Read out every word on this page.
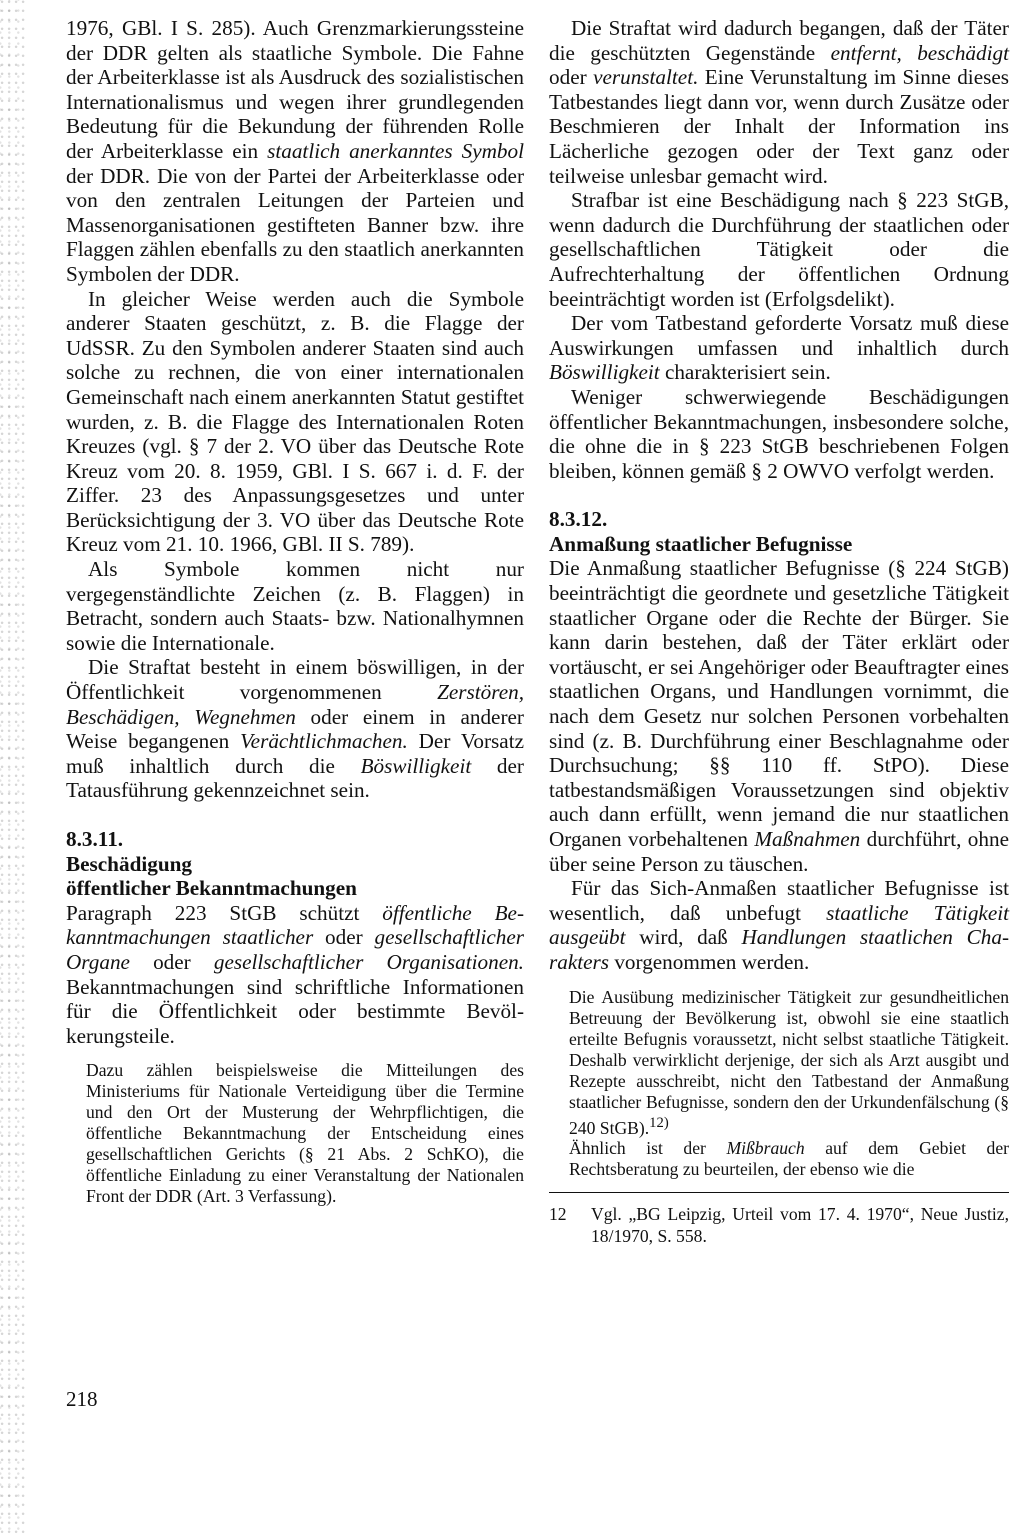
1976, GBl. I S. 285). Auch Grenzmarkierungssteine der DDR gelten als staatliche Symbole. Die Fahne der Arbeiterklasse ist als Ausdruck des sozialistischen Internationalismus und wegen ihrer grundlegenden Bedeutung für die Bekundung der führenden Rolle der Arbeiterklasse ein staatlich anerkanntes Symbol der DDR. Die von der Partei der Arbeiterklasse oder von den zentralen Leitungen der Parteien und Massenorganisationen gestifteten Banner bzw. ihre Flaggen zählen ebenfalls zu den staatlich anerkannten Symbolen der DDR.

In gleicher Weise werden auch die Symbole anderer Staaten geschützt, z. B. die Flagge der UdSSR. Zu den Symbolen anderer Staaten sind auch solche zu rechnen, die von einer internationalen Gemeinschaft nach einem anerkannten Statut gestiftet wurden, z. B. die Flagge des Internationalen Roten Kreuzes (vgl. § 7 der 2. VO über das Deutsche Rote Kreuz vom 20. 8. 1959, GBl. I S. 667 i. d. F. der Ziffer. 23 des Anpassungsgesetzes und unter Berücksichtigung der 3. VO über das Deutsche Rote Kreuz vom 21. 10. 1966, GBl. II S. 789).

Als Symbole kommen nicht nur vergegenständlichte Zeichen (z. B. Flaggen) in Betracht, sondern auch Staats- bzw. Nationalhymnen sowie die Internationale.

Die Straftat besteht in einem böswilligen, in der Öffentlichkeit vorgenommenen Zerstören, Beschädigen, Wegnehmen oder einem in anderer Weise begangenen Verächtlichmachen. Der Vorsatz muß inhaltlich durch die Böswilligkeit der Tatausführung gekennzeichnet sein.

8.3.11.
Beschädigung
öffentlicher Bekanntmachungen

Paragraph 223 StGB schützt öffentliche Bekanntmachungen staatlicher oder gesellschaftlicher Organe oder gesellschaftlicher Organisationen. Bekanntmachungen sind schriftliche Informationen für die Öffentlichkeit oder bestimmte Bevölkerungsteile.

Dazu zählen beispielsweise die Mitteilungen des Ministeriums für Nationale Verteidigung über die Termine und den Ort der Musterung der Wehrpflichtigen, die öffentliche Bekanntmachung der Entscheidung eines gesellschaftlichen Gerichts (§ 21 Abs. 2 SchKO), die öffentliche Einladung zu einer Veranstaltung der Nationalen Front der DDR (Art. 3 Verfassung).

Die Straftat wird dadurch begangen, daß der Täter die geschützten Gegenstände entfernt, beschädigt oder verunstaltet. Eine Verunstaltung im Sinne dieses Tatbestandes liegt dann vor, wenn durch Zusätze oder Beschmieren der Inhalt der Information ins Lächerliche gezogen oder der Text ganz oder teilweise unlesbar gemacht wird.

Strafbar ist eine Beschädigung nach § 223 StGB, wenn dadurch die Durchführung der staatlichen oder gesellschaftlichen Tätigkeit oder die Aufrechterhaltung der öffentlichen Ordnung beeinträchtigt worden ist (Erfolgsdelikt).

Der vom Tatbestand geforderte Vorsatz muß diese Auswirkungen umfassen und inhaltlich durch Böswilligkeit charakterisiert sein.

Weniger schwerwiegende Beschädigungen öffentlicher Bekanntmachungen, insbesondere solche, die ohne die in § 223 StGB beschriebenen Folgen bleiben, können gemäß § 2 OWVO verfolgt werden.

8.3.12.
Anmaßung staatlicher Befugnisse

Die Anmaßung staatlicher Befugnisse (§ 224 StGB) beeinträchtigt die geordnete und gesetzliche Tätigkeit staatlicher Organe oder die Rechte der Bürger. Sie kann darin bestehen, daß der Täter erklärt oder vortäuscht, er sei Angehöriger oder Beauftragter eines staatlichen Organs, und Handlungen vornimmt, die nach dem Gesetz nur solchen Personen vorbehalten sind (z. B. Durchführung einer Beschlagnahme oder Durchsuchung; §§ 110 ff. StPO). Diese tatbestandsmäßigen Voraussetzungen sind objektiv auch dann erfüllt, wenn jemand die nur staatlichen Organen vorbehaltenen Maßnahmen durchführt, ohne über seine Person zu täuschen.

Für das Sich-Anmaßen staatlicher Befugnisse ist wesentlich, daß unbefugt staatliche Tätigkeit ausgeübt wird, daß Handlungen staatlichen Charakters vorgenommen werden.

Die Ausübung medizinischer Tätigkeit zur gesundheitlichen Betreuung der Bevölkerung ist, obwohl sie eine staatlich erteilte Befugnis voraussetzt, nicht selbst staatliche Tätigkeit. Deshalb verwirklicht derjenige, der sich als Arzt ausgibt und Rezepte ausschreibt, nicht den Tatbestand der Anmaßung staatlicher Befugnisse, sondern den der Urkundenfälschung (§ 240 StGB).$^{12)}$

Ähnlich ist der Mißbrauch auf dem Gebiet der Rechtsberatung zu beurteilen, der ebenso wie die

12	Vgl. „BG Leipzig, Urteil vom 17. 4. 1970“, Neue Justiz, 18/1970, S. 558.
218
